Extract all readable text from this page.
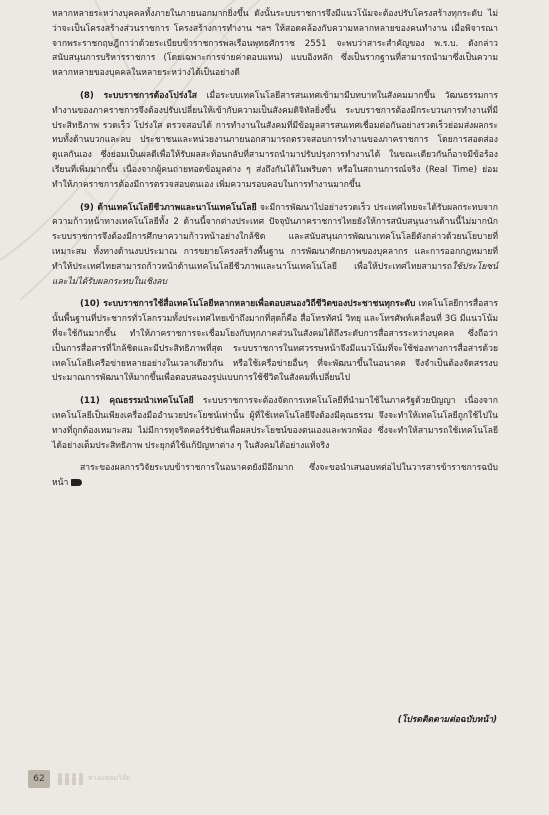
หลากหลายระหว่างบุคคลทั้งภายในภายนอกมากยิ่งขึ้น ดังนั้นระบบราชการจึงมีแนวโน้มจะต้องปรับโครงสร้างทุกระดับ ไม่ว่าจะเป็นโครงสร้างส่วนราชการ โครงสร้างการทำงาน ฯลฯ ให้สอดคล้องกับความหลากหลายของคนทำงาน เมื่อพิจารณาจากพระราชกฤษฎีกาว่าด้วยระเบียบข้าราชการพลเรือนพุทธศักราช 2551 จะพบว่าสาระสำคัญของ พ.ร.บ. ดังกล่าวสนับสนุนการบริหารราชการ (โดยเฉพาะการจ่ายค่าตอบแทน) แบบอิงหลัก ซึ่งเป็นรากฐานที่สามารถนำมาซึ่งเป็นความหลากหลายของบุคคลในหลายระหว่างได้เป็นอย่างดี

(8) ระบบราชการต้องโปร่งใส เมื่อระบบเทคโนโลยีสารสนเทศเข้ามามีบทบาทในสังคมมากขึ้น วัฒนธรรมการทำงานของภาคราชการจึงต้องปรับเปลี่ยนให้เข้ากับความเป็นสังคมดิจิทัลยิ่งขึ้น ระบบราชการต้องมีกระบวนการทำงานที่มีประสิทธิภาพ รวดเร็ว โปร่งใส ตรวจสอบได้ การทำงานในสังคมที่มีข้อมูลสารสนเทศเชื่อมต่อกันอย่างรวดเร็วย่อมส่งผลกระทบทั้งด้านบวกและลบ ประชาชนและหน่วยงานภายนอกสามารถตรวจสอบการทำงานของภาคราชการ โดยการสอดส่องดูแลกันเอง ซึ่งย่อมเป็นผลดีเพื่อให้รับผลสะท้อนกลับที่สามารถนำมาปรับปรุงการทำงานได้ ในขณะเดียวกันก็อาจมีข้อร้องเรียนที่เพิ่มมากขึ้น เนื่องจากผู้คนถ่ายทอดข้อมูลต่าง ๆ ส่งถึงกันได้ในพริบตา หรือในสถานการณ์จริง (Real Time) ย่อมทำให้ภาคราชการต้องมีการตรวจสอบตนเอง เพิ่มความรอบคอบในการทำงานมากขึ้น

(9) ด้านเทคโนโลยีชีวภาพและนาโนเทคโนโลยี จะมีการพัฒนาไปอย่างรวดเร็ว ประเทศไทยจะได้รับผลกระทบจากความก้าวหน้าทางเทคโนโลยีทั้ง 2 ด้านนี้จากต่างประเทศ ปัจจุบันภาคราชการไทยยังให้การสนับสนุนงานด้านนี้ไม่มากนัก ระบบราชการจึงต้องมีการศึกษาความก้าวหน้าอย่างใกล้ชิด และสนับสนุนการพัฒนาเทคโนโลยีดังกล่าวด้วยนโยบายที่เหมาะสม ทั้งทางด้านงบประมาณ การขยายโครงสร้างพื้นฐาน การพัฒนาศักยภาพของบุคลากร และการออกกฎหมายที่ทำให้ประเทศไทยสามารถก้าวหน้าด้านเทคโนโลยีชีวภาพและนาโนเทคโนโลยี เพื่อให้ประเทศไทยสามารถใช้ประโยชน์และไม่ได้รับผลกระทบในเชิงลบ

(10) ระบบราชการใช้สื่อเทคโนโลยีหลากหลายเพื่อตอบสนองวิถีชีวิตของประชาชนทุกระดับ เทคโนโลยีการสื่อสารนั้นพื้นฐานที่ประชากรทั่วโลกรวมทั้งประเทศไทยเข้าถึงมากที่สุดก็คือ สื่อโทรทัศน์ วิทยุ และโทรศัพท์เคลื่อนที่ 3G มีแนวโน้มที่จะใช้กันมากขึ้น ทำให้ภาคราชการจะเชื่อมโยงกับทุกภาคส่วนในสังคมได้ถึงระดับการสื่อสารระหว่างบุคคล ซึ่งถือว่าเป็นการสื่อสารที่ใกล้ชิดและมีประสิทธิภาพที่สุด ระบบราชการในทศวรรษหน้าจึงมีแนวโน้มที่จะใช้ช่องทางการสื่อสารด้วยเทคโนโลยีเครือข่ายหลายอย่างในเวลาเดียวกัน หรือใช้เครือข่ายอื่นๆ ที่จะพัฒนาขึ้นในอนาคต จึงจำเป็นต้องจัดสรรงบประมาณการพัฒนาให้มากขึ้นเพื่อตอบสนองรูปแบบการใช้ชีวิตในสังคมที่เปลี่ยนไป

(11) คุณธรรมนำเทคโนโลยี ระบบราชการจะต้องจัดการเทคโนโลยีที่นำมาใช้ในภาครัฐด้วยปัญญา เนื่องจากเทคโนโลยีเป็นเพียงเครื่องมืออำนวยประโยชน์เท่านั้น ผู้ที่ใช้เทคโนโลยีจึงต้องมีคุณธรรม จึงจะทำให้เทคโนโลยีถูกใช้ไปในทางที่ถูกต้องเหมาะสม ไม่มีการทุจริตคอร์รัปชันเพื่อผลประโยชน์ของตนเองและพวกพ้อง ซึ่งจะทำให้สามารถใช้เทคโนโลยีได้อย่างเต็มประสิทธิภาพ ประยุกต์ใช้แก้ปัญหาต่าง ๆ ในสังคมได้อย่างแท้จริง

สาระของผลการวิจัยระบบข้าราชการในอนาคตยังมีอีกมาก ซึ่งจะขอนำเสนอบทต่อไปในวารสารข้าราชการฉบับหน้า

(โปรดติดตามต่อฉบับหน้า)
62	ทางแหลมวิจัย
